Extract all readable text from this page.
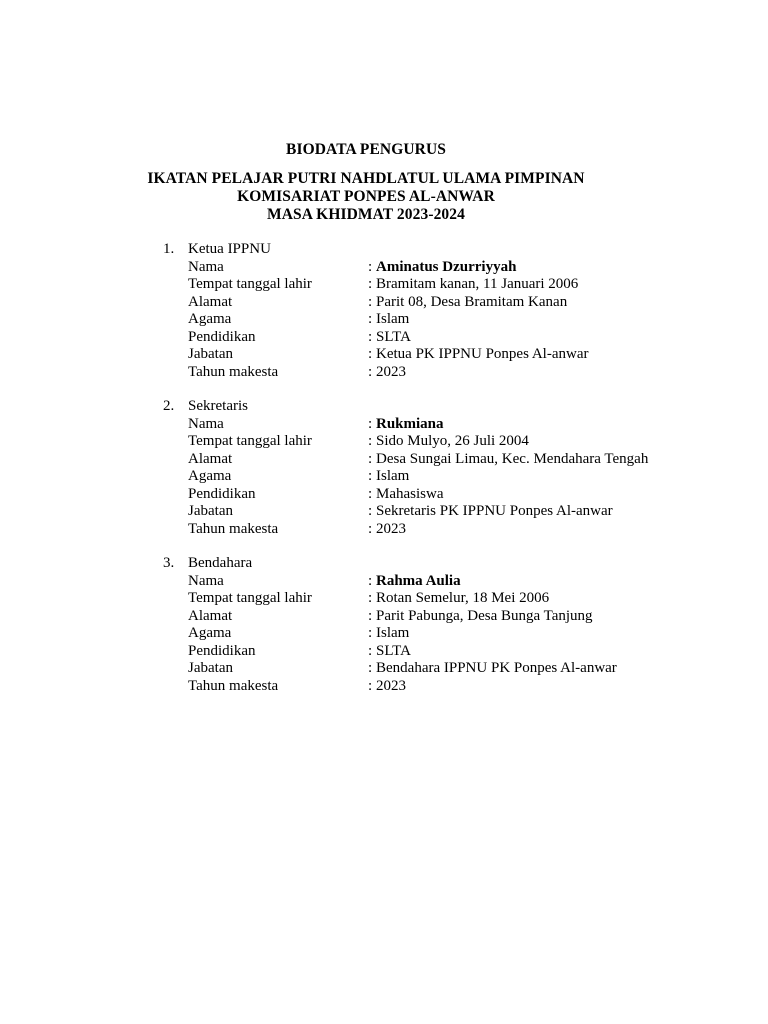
BIODATA PENGURUS
IKATAN PELAJAR PUTRI NAHDLATUL ULAMA PIMPINAN
KOMISARIAT PONPES AL-ANWAR
MASA KHIDMAT 2023-2024
1. Ketua IPPNU
Nama	: Aminatus Dzurriyyah
Tempat tanggal lahir	: Bramitam kanan, 11 Januari 2006
Alamat	: Parit 08, Desa Bramitam Kanan
Agama	: Islam
Pendidikan	: SLTA
Jabatan	: Ketua PK IPPNU Ponpes Al-anwar
Tahun makesta	: 2023
2. Sekretaris
Nama	: Rukmiana
Tempat tanggal lahir	: Sido Mulyo, 26 Juli 2004
Alamat	: Desa Sungai Limau, Kec. Mendahara Tengah
Agama	: Islam
Pendidikan	: Mahasiswa
Jabatan	: Sekretaris PK IPPNU Ponpes Al-anwar
Tahun makesta	: 2023
3. Bendahara
Nama	: Rahma Aulia
Tempat tanggal lahir	: Rotan Semelur, 18 Mei 2006
Alamat	: Parit Pabunga, Desa Bunga Tanjung
Agama	: Islam
Pendidikan	: SLTA
Jabatan	: Bendahara IPPNU PK Ponpes Al-anwar
Tahun makesta	: 2023
